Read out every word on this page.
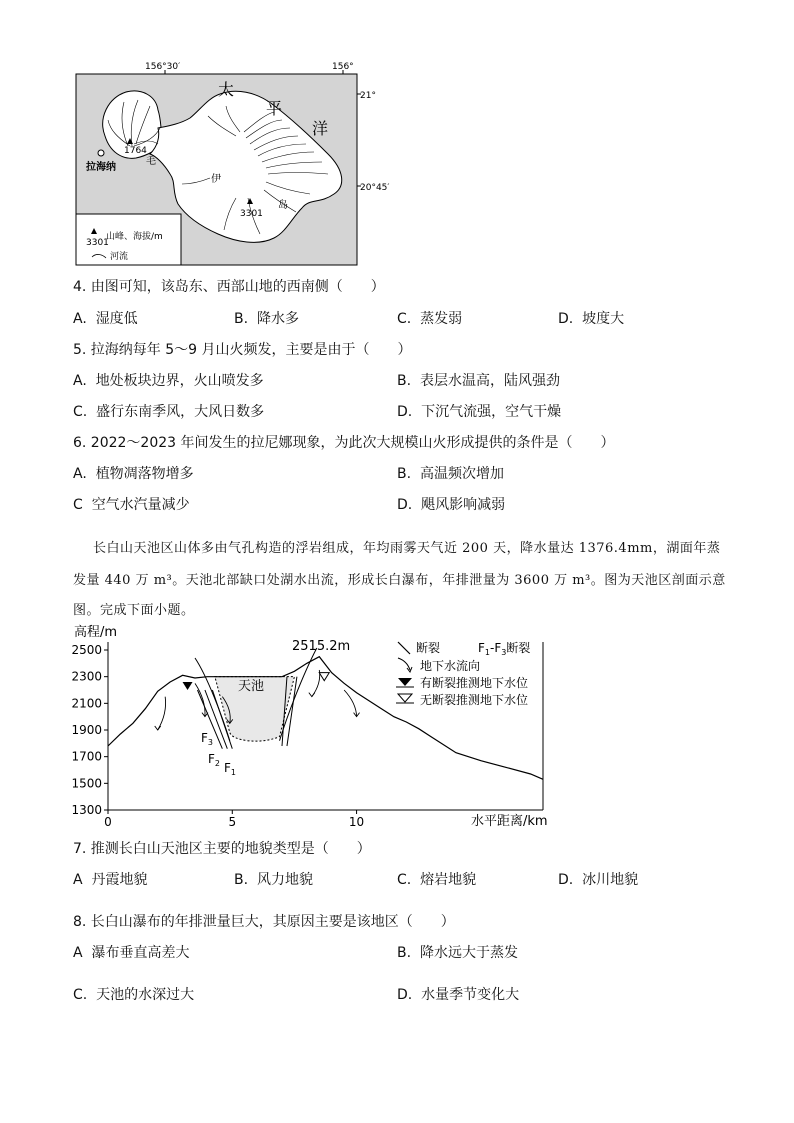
156°30′	156°
21°
20°45′
太
平
洋
毛
伊
岛
1764
3301
拉海纳
3301
山峰、海拔/m
河流
4. 由图可知，该岛东、西部山地的西南侧（　　）
A. 湿度低	B. 降水多	C. 蒸发弱	D. 坡度大
5. 拉海纳每年 5～9 月山火频发，主要是由于（　　）
A. 地处板块边界，火山喷发多	B. 表层水温高，陆风强劲
C. 盛行东南季风，大风日数多	D. 下沉气流强，空气干燥
6. 2022～2023 年间发生的拉尼娜现象，为此次大规模山火形成提供的条件是（　　）
A. 植物凋落物增多	B. 高温频次增加
C 空气水汽量减少	D. 飓风影响减弱
长白山天池区山体多由气孔构造的浮岩组成，年均雨雾天气近 200 天，降水量达 1376.4mm，湖面年蒸
发量 440 万 m³。天池北部缺口处湖水出流，形成长白瀑布，年排泄量为 3600 万 m³。图为天池区剖面示意
图。完成下面小题。
1300
1500
1700
1900
2100
2300
2500
0	5	10
高程/m
水平距离/km
2515.2m
天池
$F_3$
$F_2$ $F_1$
断裂	$F_1-F_3$断裂
地下水流向
有断裂推测地下水位
无断裂推测地下水位
7. 推测长白山天池区主要的地貌类型是（　　）
A 丹霞地貌	B. 风力地貌	C. 熔岩地貌	D. 冰川地貌
8. 长白山瀑布的年排泄量巨大，其原因主要是该地区（　　）
A 瀑布垂直高差大	B. 降水远大于蒸发
C. 天池的水深过大	D. 水量季节变化大
